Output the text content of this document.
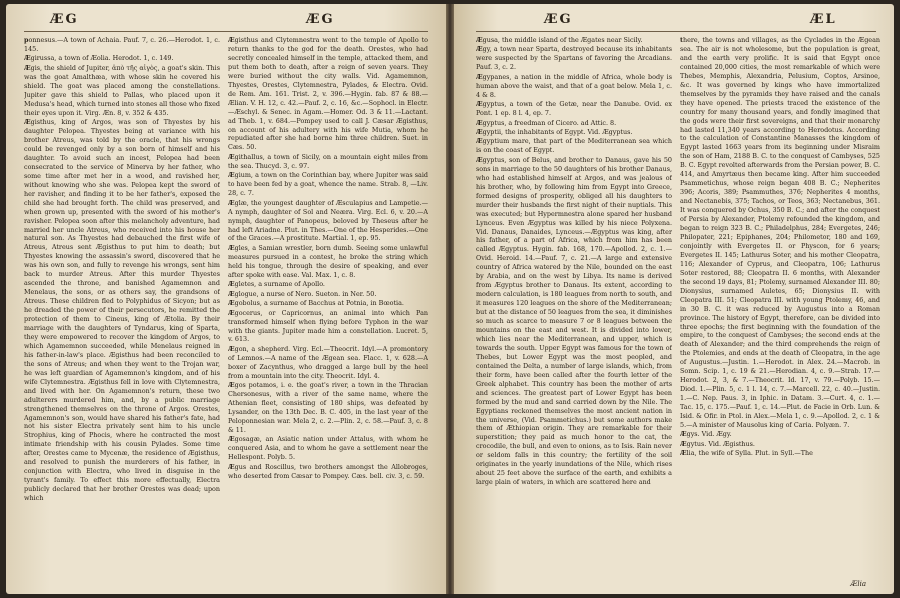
ÆG	ÆG

ponnesus.—A town of Achaia. Pauf. 7, c. 26.—Herodot. 1, c. 145.

Ægirussa, a town of Æolia. Herodot. 1, c. 149.

Ægis, the shield of Jupiter, ἀπὸ τῆς αἰγὸς, a goat's skin. This was the goat Amalthæa, with whose skin he covered his shield. The goat was placed among the constellations. Jupiter gave this shield to Pallas, who placed upon it Medusa's head, which turned into stones all those who fixed their eyes upon it. Virg. Æn. 8, v. 352 & 435.

Ægisthus, king of Argos, was son of Thyestes by his daughter Pelopea. Thyestes being at variance with his brother Atreus, was told by the oracle, that his wrongs could be revenged only by a son born of himself and his daughter. To avoid such an incest, Pelopea had been consecrated to the service of Minerva by her father, who some time after met her in a wood, and ravished her, without knowing who she was. Pelopea kept the sword of her ravisher, and finding it to be her father's, exposed the child she had brought forth. The child was preserved, and when grown up, presented with the sword of his mother's ravisher. Pelopea soon after this melancholy adventure, had married her uncle Atreus, who received into his house her natural son. As Thyestes had debauched the first wife of Atreus, Atreus sent Ægisthus to put him to death; but Thyestes knowing the assassin's sword, discovered that he was his own son, and fully to revenge his wrongs, sent him back to murder Atreus. After this murder Thyestes ascended the throne, and banished Agamemnon and Menelaus, the sons, or as others say, the grandsons of Atreus. These children fled to Polyphidus of Sicyon; but as he dreaded the power of their persecutors, he remitted the protection of them to Cineus, king of Ætolia. By their marriage with the daughters of Tyndarus, king of Sparta, they were empowered to recover the kingdom of Argos, to which Agamemnon succeeded, while Menelaus reigned in his father-in-law's place. Ægisthus had been reconciled to the sons of Atreus; and when they went to the Trojan war, he was left guardian of Agamemnon's kingdom, and of his wife Clytemnestra. Ægisthus fell in love with Clytemnestra, and lived with her. On Agamemnon's return, these two adulterers murdered him, and, by a public marriage strengthened themselves on the throne of Argos. Orestes, Agamemnon's son, would have shared his father's fate, had not his sister Electra privately sent him to his uncle Strophius, king of Phocis, where he contracted the most intimate friendship with his cousin Pylades. Some time after, Orestes came to Mycenæ, the residence of Ægisthus, and resolved to punish the murderers of his father, in conjunction with Electra, who lived in disguise in the tyrant's family. To effect this more effectually, Electra publicly declared that her brother Orestes was dead; upon which

Ægisthus and Clytemnestra went to the temple of Apollo to return thanks to the god for the death. Orestes, who had secretly concealed himself in the temple, attacked them, and put them both to death, after a reign of seven years. They were buried without the city walls. Vid. Agamemnon, Thyestes, Orestes, Clytemnestra, Pylades, & Electra. Ovid. de Rem. Am. 161. Trist. 2, v. 396.—Hygin. fab. 87 & 88.—Ælian. V. H. 12, c. 42.—Pauf. 2, c. 16, &c.—Sophocl. in Electr.—Æschyl. & Senec. in Agam.—Homer. Od. 3 & 11.—Lactant. ad Theb. 1, v. 684.—Pompey used to call J. Cæsar Ægisthus, on account of his adultery with his wife Mutia, whom he repudiated after she had borne him three children. Suet. in Cæs. 50.

Ægithallus, a town of Sicily, on a mountain eight miles from the sea. Thucyd. 3, c. 97.

Ægium, a town on the Corinthian bay, where Jupiter was said to have been fed by a goat, whence the name. Strab. 8, —Liv. 28, c. 7.

Æglæ, the youngest daughter of Æsculapius and Lampetie.—A nymph, daughter of Sol and Neæra. Virg. Ecl. 6, v. 20.—A nymph, daughter of Panopeus, beloved by Theseus after he had left Ariadne. Plut. in Thes.—One of the Hesperides.—One of the Graces.—A prostitute. Martial. 1, ep. 95.

Ægles, a Samian wrestler, born dumb. Seeing some unlawful measures pursued in a contest, he broke the string which held his tongue, through the desire of speaking, and ever after spoke with ease. Val. Max. 1, c. 8.

Ægletes, a surname of Apollo.

Æglogue, a nurse of Nero. Sueton. in Ner. 50.

Ægobolus, a surname of Bacchus at Potnia, in Bœotia.

Ægocerus, or Capricornus, an animal into which Pan transformed himself when flying before Typhon in the war with the giants. Jupiter made him a constellation. Lucret. 5, v. 613.

Ægon, a shepherd. Virg. Ecl.—Theocrit. Idyl.—A promontory of Lemnos.—A name of the Ægean sea. Flacc. 1, v. 628.—A boxer of Zacynthus, who dragged a large bull by the heel from a mountain into the city. Theocrit. Idyl. 4.

Ægos potamos, i. e. the goat's river, a town in the Thracian Chersonesus, with a river of the same name, where the Athenian fleet, consisting of 180 ships, was defeated by Lysander, on the 13th Dec. B. C. 405, in the last year of the Peloponnesian war. Mela 2, c. 2.—Plin. 2, c. 58.—Pauf. 3, c. 8 & 11.

Ægosagæ, an Asiatic nation under Attalus, with whom he conquered Asia, and to whom he gave a settlement near the Hellespont. Polyb. 5.

Ægus and Roscillus, two brothers amongst the Allobroges, who deserted from Cæsar to Pompey. Cæs. bell. civ. 3, c. 59.

ÆG	ÆL

Ægusa, the middle island of the Ægates near Sicily.

Ægy, a town near Sparta, destroyed because its inhabitants were suspected by the Spartans of favoring the Arcadians. Pauf. 3, c. 2.

Ægypanes, a nation in the middle of Africa, whole body is human above the waist, and that of a goat below. Mela 1, c. 4 & 8.

Ægyptus, a town of the Getæ, near the Danube. Ovid. ex Pont. 1 ep. 8 l. 4, ep. 7.

Ægyptus, a freedman of Cicero. ad Attic. 8.

Ægyptii, the inhabitants of Egypt. Vid. Ægyptus.

Ægyptium mare, that part of the Mediterranean sea which is on the coast of Egypt.

Ægyptus, son of Belus, and brother to Danaus, gave his 50 sons in marriage to the 50 daughters of his brother Danaus, who had established himself at Argos, and was jealous of his brother, who, by following him from Egypt into Greece, formed designs of prosperity, obliged all his daughters to murder their husbands the first night of their nuptials. This was executed; but Hypermnestra alone spared her husband Lynceus. Even Ægyptus was killed by his niece Polyxena. Vid. Danaus, Danaides, Lynceus.—Ægyptus was king, after his father, of a part of Africa, which from him has been called Ægyptus. Hygin. fab. 168, 170.—Apollod. 2, c. 1.—Ovid. Heroid. 14.—Pauf. 7, c. 21.—A large and extensive country of Africa watered by the Nile, bounded on the east by Arabia, and on the west by Libya. Its name is derived from Ægyptus brother to Danaus. Its extent, according to modern calculation, is 180 leagues from north to south, and it measures 120 leagues on the shore of the Mediterranean; but at the distance of 50 leagues from the sea, it diminishes so much as scarce to measure 7 or 8 leagues between the mountains on the east and west. It is divided into lower, which lies near the Mediterranean, and upper, which is towards the south. Upper Egypt was famous for the town of Thebes, but Lower Egypt was the most peopled, and contained the Delta, a number of large islands, which, from their form, have been called after the fourth letter of the Greek alphabet. This country has been the mother of arts and sciences. The greatest part of Lower Egypt has been formed by the mud and sand carried down by the Nile. The Egyptians reckoned themselves the most ancient nation in the universe, (Vid. Psammetichus.) but some authors make them of Æthiopian origin. They are remarkable for their superstition; they paid as much honor to the cat, the crocodile, the bull, and even to onions, as to Isis. Rain never or seldom falls in this country; the fertility of the soil originates in the yearly inundations of the Nile, which rises about 25 feet above the surface of the earth, and exhibits a large plain of waters, in which are scattered here and

there, the towns and villages, as the Cyclades in the Ægean sea. The air is not wholesome, but the population is great, and the earth very prolific. It is said that Egypt once contained 20,000 cities, the most remarkable of which were Thebes, Memphis, Alexandria, Pelusium, Coptos, Arsinoe, &c. It was governed by kings who have immortalized themselves by the pyramids they have raised and the canals they have opened. The priests traced the existence of the country for many thousand years, and fondly imagined that the gods were their first sovereigns, and that their monarchy had lasted 11,340 years according to Herodotus. According to the calculation of Constantine Manasses the kingdom of Egypt lasted 1663 years from its beginning under Misraim the son of Ham, 2188 B. C. to the conquest of Cambyses, 525 B. C. Egypt revolted afterwards from the Persian power, B. C. 414, and Amyrtæus then became king. After him succeeded Psammetichus, whose reign began 408 B. C.; Nepherites 396; Acoris, 389; Psammuthes, 376; Nepherites 4 months, and Nectanebis, 375; Tachos, or Teos, 363; Nectanebus, 361. It was conquered by Ochus, 350 B. C.; and after the conquest of Persia by Alexander, Ptolemy refounded the kingdom, and began to reign 323 B. C.; Philadelphus, 284; Evergetes, 246; Philopater, 221; Epiphanes, 204; Philometor, 180 and 169, conjointly with Evergetes II. or Physcon, for 6 years; Evergetes II. 145; Lathurus Soter, and his mother Cleopatra, 116; Alexander of Cyprus, and Cleopatra, 106; Lathurus Soter restored, 88; Cleopatra II. 6 months, with Alexander the second 19 days, 81; Ptolemy, surnamed Alexander III. 80; Dionysius, surnamed Auletes, 65; Dionysius II. with Cleopatra III. 51; Cleopatra III. with young Ptolemy, 46, and in 30 B. C. it was reduced by Augustus into a Roman province. The history of Egypt, therefore, can be divided into three epochs; the first beginning with the foundation of the empire, to the conquest of Cambyses; the second ends at the death of Alexander; and the third comprehends the reign of the Ptolemies, and ends at the death of Cleopatra, in the age of Augustus.—Justin. 1.—Herodot. in Alex. 24.—Macrob. in Somn. Scip. 1, c. 19 & 21.—Herodian. 4, c. 9.—Strab. 17.—Herodot. 2, 3, & 7.—Theocrit. Id. 17, v. 79.—Polyb. 15.—Diod. 1.—Plin. 5, c. 1 l. 14, c. 7.—Marcell. 22, c. 40.—Justin. 1.—C. Nep. Paus. 3, in Iphic. in Datam. 3.—Curt. 4, c. 1.—Tac. 15, c. 175.—Pauf. 1, c. 14.—Plut. de Facie in Orb. Lun. & Isid. & Ofir. in Ptol. in Alex.—Mela 1, c. 9.—Apollod. 2, c. 1 & 5.—A minister of Mausolus king of Caria. Polyæn. 7.

Ægys. Vid. Ægy.

Ægytus. Vid. Ægisthus.

Ælia, the wife of Sylla. Plut. in Syll.—The

Ælia
